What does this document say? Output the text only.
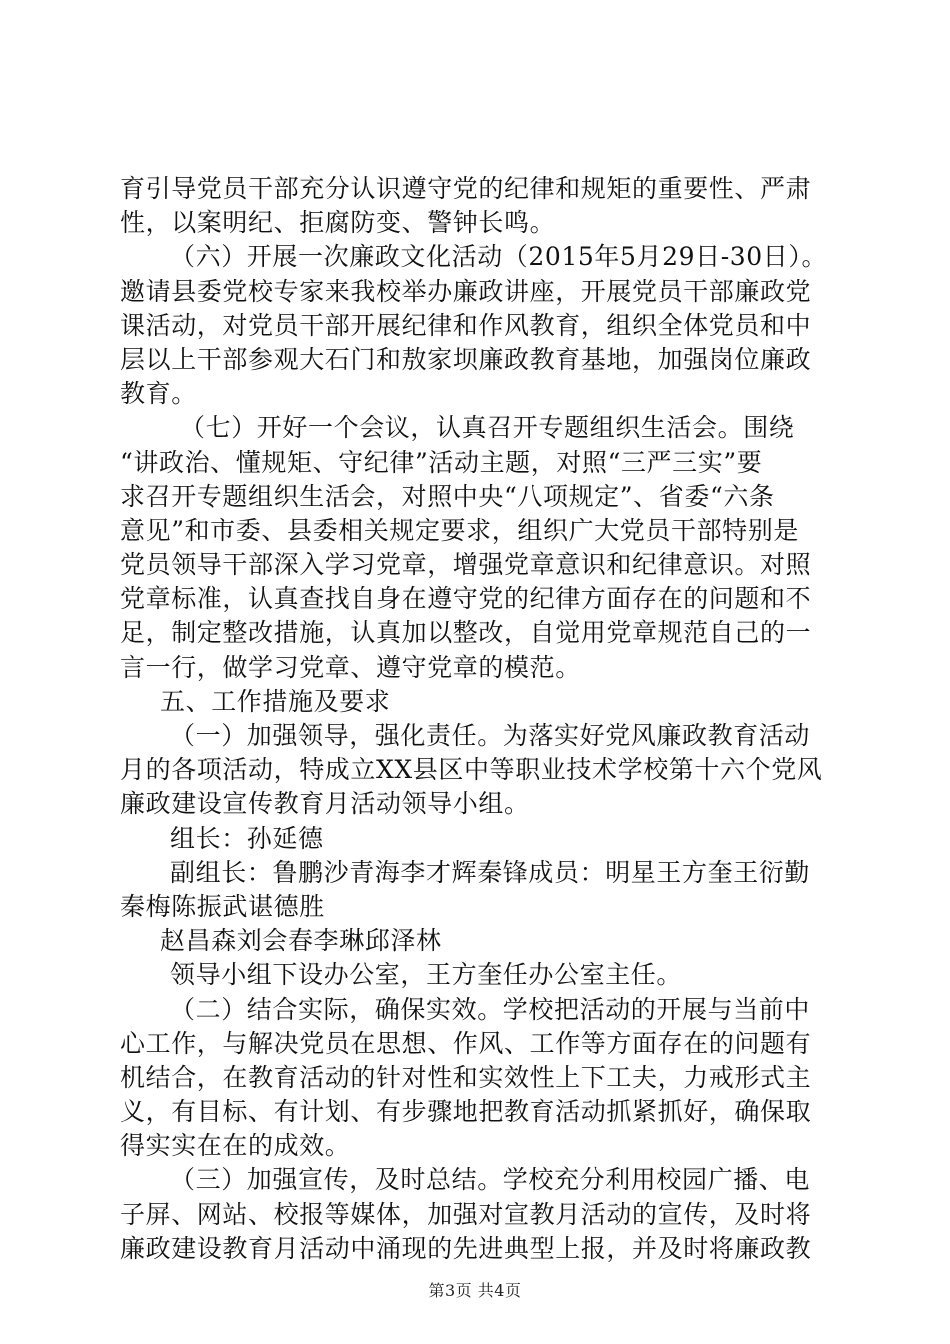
育引导党员干部充分认识遵守党的纪律和规矩的重要性、严肃
性，以案明纪、拒腐防变、警钟长鸣。
（六）开展一次廉政文化活动（2015年5月29日-30日）。
邀请县委党校专家来我校举办廉政讲座，开展党员干部廉政党
课活动，对党员干部开展纪律和作风教育，组织全体党员和中
层以上干部参观大石门和敖家坝廉政教育基地，加强岗位廉政
教育。
（七）开好一个会议，认真召开专题组织生活会。围绕
“讲政治、懂规矩、守纪律”活动主题，对照“三严三实”要
求召开专题组织生活会，对照中央“八项规定”、省委“六条
意见”和市委、县委相关规定要求，组织广大党员干部特别是
党员领导干部深入学习党章，增强党章意识和纪律意识。对照
党章标准，认真查找自身在遵守党的纪律方面存在的问题和不
足，制定整改措施，认真加以整改，自觉用党章规范自己的一
言一行，做学习党章、遵守党章的模范。
五、工作措施及要求
（一）加强领导，强化责任。为落实好党风廉政教育活动
月的各项活动，特成立XX县区中等职业技术学校第十六个党风
廉政建设宣传教育月活动领导小组。
组长：孙延德
副组长：鲁鹏沙青海李才辉秦锋成员：明星王方奎王衍勤
秦梅陈振武谌德胜
赵昌森刘会春李琳邱泽林
领导小组下设办公室，王方奎任办公室主任。
（二）结合实际，确保实效。学校把活动的开展与当前中
心工作，与解决党员在思想、作风、工作等方面存在的问题有
机结合，在教育活动的针对性和实效性上下工夫，力戒形式主
义，有目标、有计划、有步骤地把教育活动抓紧抓好，确保取
得实实在在的成效。
（三）加强宣传，及时总结。学校充分利用校园广播、电
子屏、网站、校报等媒体，加强对宣教月活动的宣传，及时将
廉政建设教育月活动中涌现的先进典型上报，并及时将廉政教
第3页 共4页
